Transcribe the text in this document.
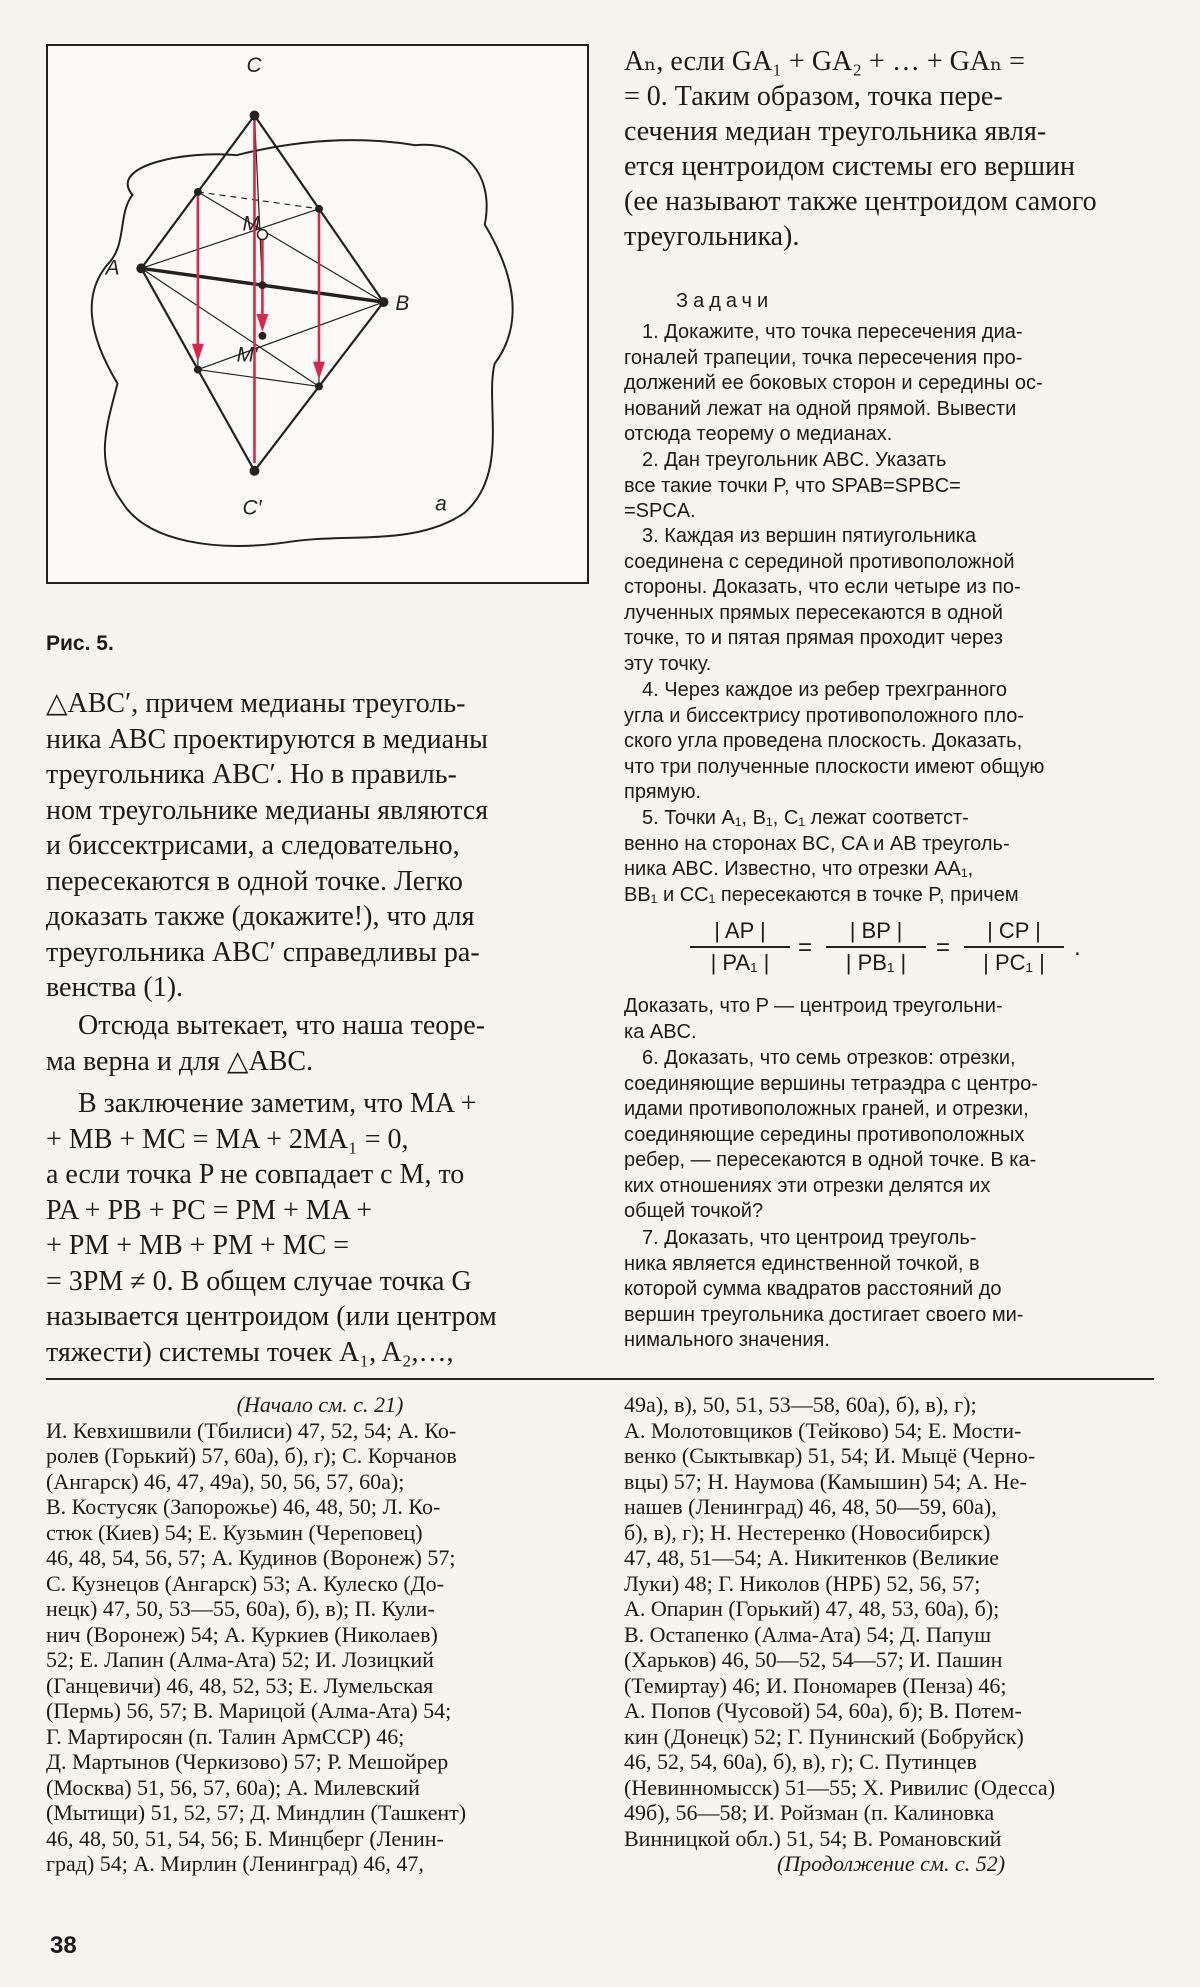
C
A
B
M
M′
C′	a
Рис. 5.

△ABC′, причем медианы треуголь-
ника ABC проектируются в медианы
треугольника ABC′. Но в правиль-
ном треугольнике медианы являются
и биссектрисами, а следовательно,
пересекаются в одной точке. Легко
доказать также (докажите!), что для
треугольника ABC′ справедливы ра-
венства (1).

Отсюда вытекает, что наша теоре-
ма верна и для △ABC.

В заключение заметим, что MA +
+ MB + MC = MA + 2MA₁ = 0,
а если точка P не совпадает с M, то
PA + PB + PC = PM + MA +
+ PM + MB + PM + MC =
= 3PM ≠ 0. В общем случае точка G
называется центроидом (или центром
тяжести) системы точек A₁, A₂,…,

Aₙ, если GA₁ + GA₂ + … + GAₙ =
= 0. Таким образом, точка пере-
сечения медиан треугольника явля-
ется центроидом системы его вершин
(ее называют также центроидом самого
треугольника).

Задачи

1. Докажите, что точка пересечения диа-
гоналей трапеции, точка пересечения про-
должений ее боковых сторон и середины ос-
нований лежат на одной прямой. Вывести
отсюда теорему о медианах.

2. Дан треугольник ABC. Указать
все такие точки P, что SPAB=SPBC=
=SPCA.

3. Каждая из вершин пятиугольника
соединена с серединой противоположной
стороны. Доказать, что если четыре из по-
лученных прямых пересекаются в одной
точке, то и пятая прямая проходит через
эту точку.

4. Через каждое из ребер трехгранного
угла и биссектрису противоположного пло-
ского угла проведена плоскость. Доказать,
что три полученные плоскости имеют общую
прямую.

5. Точки A₁, B₁, C₁ лежат соответст-
венно на сторонах BC, CA и AB треуголь-
ника ABC. Известно, что отрезки AA₁,
BB₁ и CC₁ пересекаются в точке P, причем

$\frac{| AP |}{\text{| PA₁ |}} = \frac{| BP |}{\text{| PB₁ |}} = \frac{| CP |}{\text{| PC₁ |}}$ .

Доказать, что P — центроид треугольни-
ка ABC.

6. Доказать, что семь отрезков: отрезки,
соединяющие вершины тетраэдра с центро-
идами противоположных граней, и отрезки,
соединяющие середины противоположных
ребер, — пересекаются в одной точке. В ка-
ких отношениях эти отрезки делятся их
общей точкой?

7. Доказать, что центроид треуголь-
ника является единственной точкой, в
которой сумма квадратов расстояний до
вершин треугольника достигает своего ми-
нимального значения.

(Начало см. с. 21)
И. Кевхишвили (Тбилиси) 47, 52, 54; А. Ко-
ролев (Горький) 57, 60а), б), г); С. Корчанов
(Ангарск) 46, 47, 49а), 50, 56, 57, 60а);
В. Костусяк (Запорожье) 46, 48, 50; Л. Ко-
стюк (Киев) 54; Е. Кузьмин (Череповец)
46, 48, 54, 56, 57; А. Кудинов (Воронеж) 57;
С. Кузнецов (Ангарск) 53; А. Кулеско (До-
нецк) 47, 50, 53—55, 60а), б), в); П. Кули-
нич (Воронеж) 54; А. Куркиев (Николаев)
52; Е. Лапин (Алма-Ата) 52; И. Лозицкий
(Ганцевичи) 46, 48, 52, 53; Е. Лумельская
(Пермь) 56, 57; В. Марицой (Алма-Ата) 54;
Г. Мартиросян (п. Талин АрмССР) 46;
Д. Мартынов (Черкизово) 57; Р. Мешойрер
(Москва) 51, 56, 57, 60а); А. Милевский
(Мытищи) 51, 52, 57; Д. Миндлин (Ташкент)
46, 48, 50, 51, 54, 56; Б. Минцберг (Ленин-
град) 54; А. Мирлин (Ленинград) 46, 47,

49а), в), 50, 51, 53—58, 60а), б), в), г);
А. Молотовщиков (Тейково) 54; Е. Мости-
венко (Сыктывкар) 51, 54; И. Мыцё (Черно-
вцы) 57; Н. Наумова (Камышин) 54; А. Не-
нашев (Ленинград) 46, 48, 50—59, 60а),
б), в), г); Н. Нестеренко (Новосибирск)
47, 48, 51—54; А. Никитенков (Великие
Луки) 48; Г. Николов (НРБ) 52, 56, 57;
А. Опарин (Горький) 47, 48, 53, 60а), б);
В. Остапенко (Алма-Ата) 54; Д. Папуш
(Харьков) 46, 50—52, 54—57; И. Пашин
(Темиртау) 46; И. Пономарев (Пенза) 46;
А. Попов (Чусовой) 54, 60а), б); В. Потем-
кин (Донецк) 52; Г. Пунинский (Бобруйск)
46, 52, 54, 60а), б), в), г); С. Путинцев
(Невинномысск) 51—55; Х. Ривилис (Одесса)
49б), 56—58; И. Ройзман (п. Калиновка
Винницкой обл.) 51, 54; В. Романовский
(Продолжение см. с. 52)

38
